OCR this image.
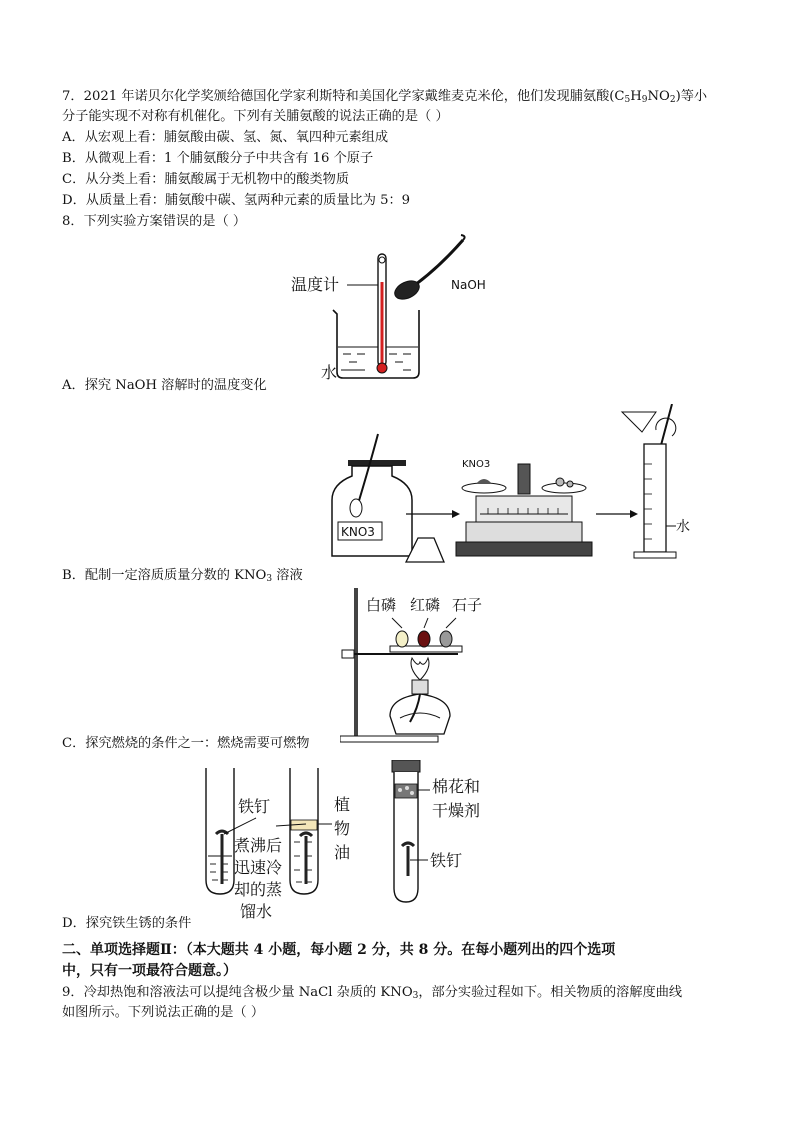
7．2021 年诺贝尔化学奖颁给德国化学家利斯特和美国化学家戴维麦克米伦，他们发现脯氨酸$(C_5H_9NO_2)$等小
分子能实现不对称有机催化。下列有关脯氨酸的说法正确的是（ ）
A．从宏观上看：脯氨酸由碳、氢、氮、氧四种元素组成
B．从微观上看：1 个脯氨酸分子中共含有 16 个原子
C．从分类上看：脯氨酸属于无机物中的酸类物质
D．从质量上看：脯氨酸中碳、氢两种元素的质量比为 5：9
8．下列实验方案错误的是（ ）
温度计	NaOH
水
A．探究 NaOH 溶解时的温度变化
KNO3
KNO3
水
B．配制一定溶质质量分数的 $KNO_3$ 溶液
白磷 红磷 石子
C．探究燃烧的条件之一：燃烧需要可燃物
铁钉
煮沸后
迅速冷
却的蒸
馏水
植
物
油
棉花和
干燥剂
铁钉
D．探究铁生锈的条件
二、单项选择题Ⅱ：（本大题共 4 小题，每小题 2 分，共 8 分。在每小题列出的四个选项
中，只有一项最符合题意。）
9．冷却热饱和溶液法可以提纯含极少量 NaCl 杂质的 $KNO_3$，部分实验过程如下。相关物质的溶解度曲线
如图所示。下列说法正确的是（ ）
